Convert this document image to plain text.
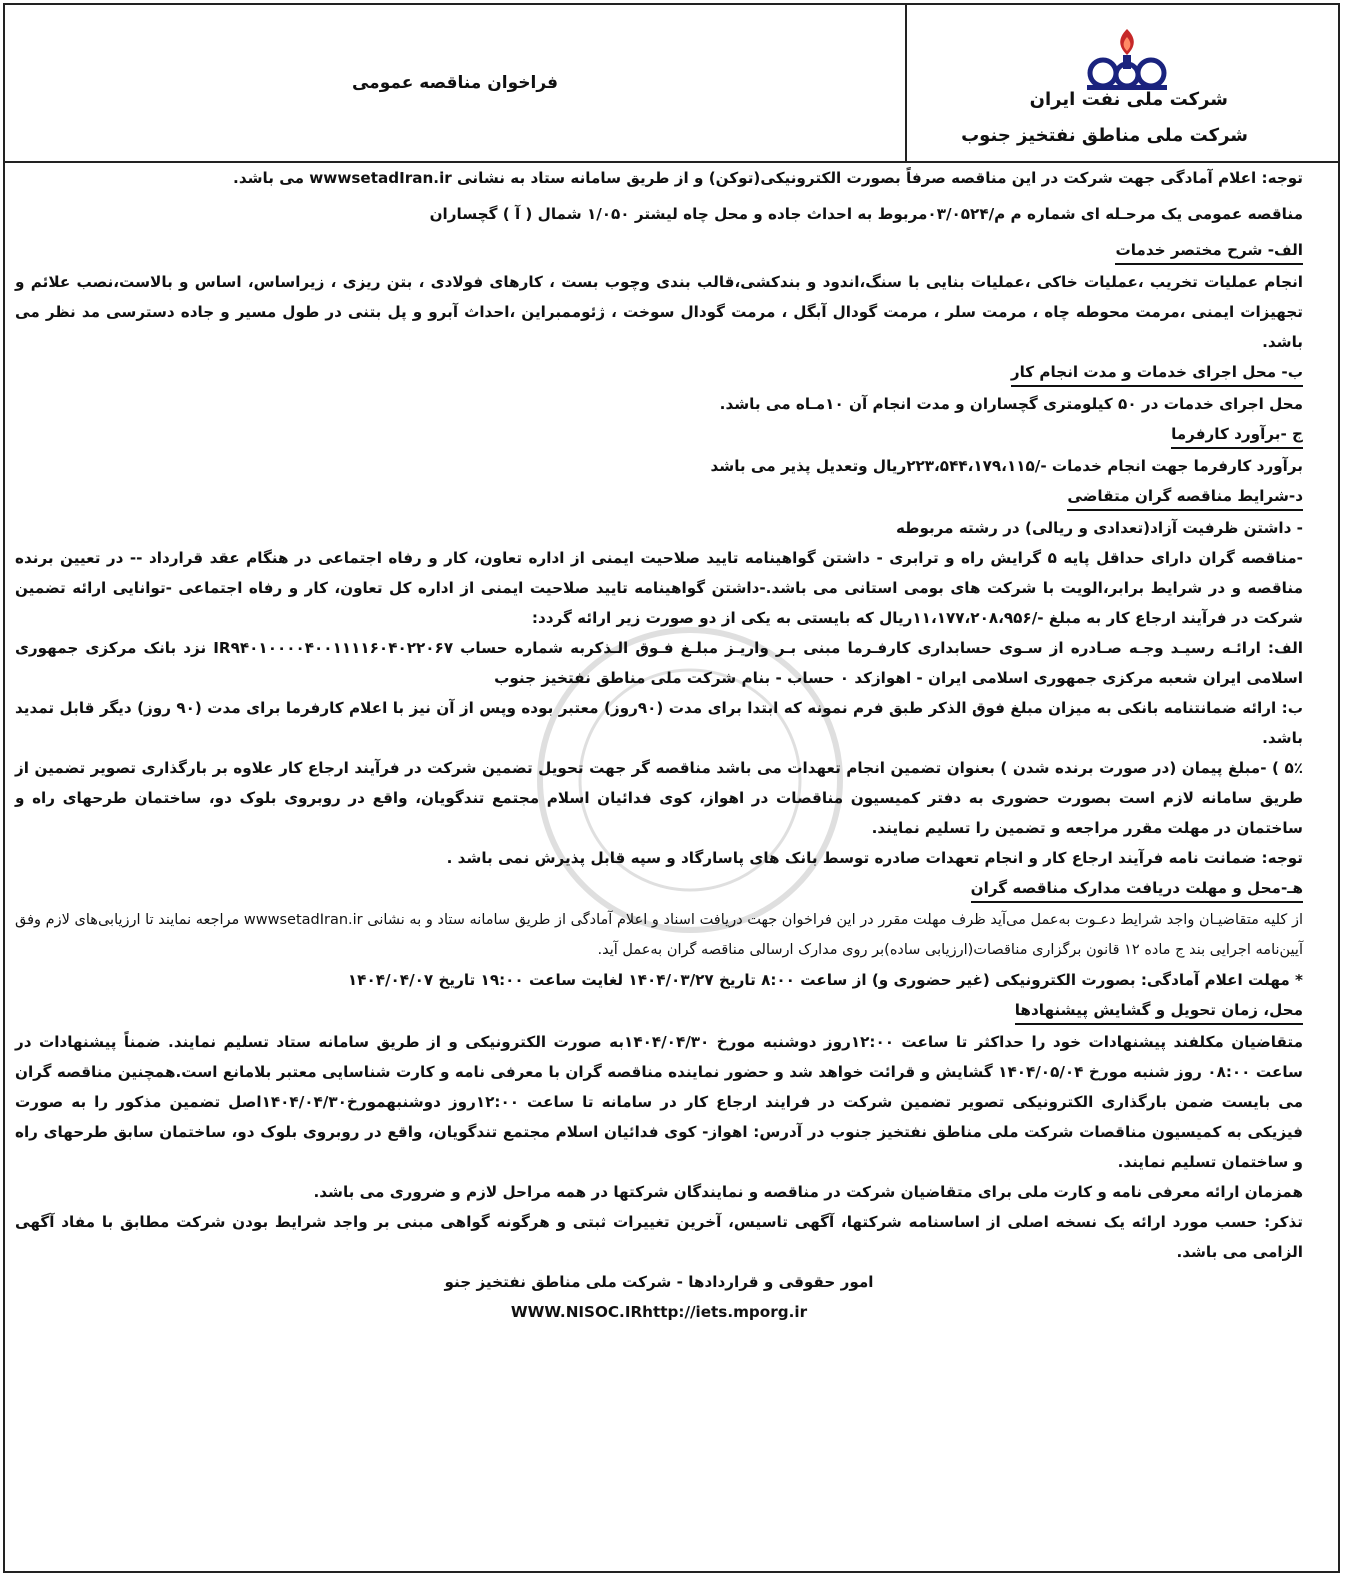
فراخوان مناقصه عمومی
شرکت ملی نفت ایران
شرکت ملی مناطق نفتخیز جنوب

توجه: اعلام آمادگی جهت شرکت در این مناقصه صرفاً بصورت الکترونیکی(توکن) و از طریق سامانه ستاد به نشانی wwwsetadIran.ir می باشد.

مناقصه عمومی یک مرحـله ای شماره م م/۰۳/۰۵۲۴مربوط به احداث جاده و محل چاه لیشتر ۱/۰۵۰ شمال ( آ ) گچساران

الف- شرح مختصر خدمات

انجام عملیات تخریب ،عملیات خاکی ،عملیات بنایی با سنگ،اندود و بندکشی،قالب بندی وچوب بست ، کارهای فولادی ، بتن ریزی ، زیراساس، اساس و بالاست،نصب علائم و تجهیزات ایمنی ،مرمت محوطه چاه ، مرمت سلر ، مرمت گودال آبگل ، مرمت گودال سوخت ، ژئوممبراین ،احداث آبرو و پل بتنی در طول مسیر و جاده دسترسی مد نظر می باشد.

ب- محل اجرای خدمات و مدت انجام کار

محل اجرای خدمات در ۵۰ کیلومتری گچساران و مدت انجام آن ۱۰مـاه می باشد.

ج -برآورد کارفرما

برآورد کارفرما جهت انجام خدمات -/۲۲۳،۵۴۴،۱۷۹،۱۱۵ریال وتعدیل پذیر می باشد

د-شرایط مناقصه گران متقاضی

- داشتن ظرفیت آزاد(تعدادی و ریالی) در رشته مربوطه

-مناقصه گران دارای حداقل پایه ۵ گرایش راه و ترابری - داشتن گواهینامه تایید صلاحیت ایمنی از اداره تعاون، کار و رفاه اجتماعی در هنگام عقد قرارداد -- در تعیین برنده مناقصه و در شرایط برابر،الویت با شرکت های بومی استانی می باشد.-داشتن گواهینامه تایید صلاحیت ایمنی از اداره کل تعاون، کار و رفاه اجتماعی -توانایی ارائه تضمین شرکت در فرآیند ارجاع کار به مبلغ -/۱۱،۱۷۷،۲۰۸،۹۵۶ریال که بایستی به یکی از دو صورت زیر ارائه گردد:

الف: ارائـه رسیـد وجـه صـادره از سـوی حسابداری کارفـرما مبنی بـر واریـز مبلـغ فـوق الـذکربه شماره حساب IR۹۴۰۱۰۰۰۰۴۰۰۱۱۱۱۶۰۴۰۲۲۰۶۷ نزد بانک مرکزی جمهوری اسلامی ایران شعبه مرکزی جمهوری اسلامی ایران - اهوازکد ۰ حساب - بنام شرکت ملی مناطق نفتخیز جنوب

ب: ارائه ضمانتنامه بانکی به میزان مبلغ فوق الذکر طبق فرم نمونه که ابتدا برای مدت (۹۰روز) معتبر بوده وپس از آن نیز با اعلام کارفرما برای مدت (۹۰ روز) دیگر قابل تمدید باشد.

۵٪ ) -مبلغ پیمان (در صورت برنده شدن ) بعنوان تضمین انجام تعهدات می باشد مناقصه گر جهت تحویل تضمین شرکت در فرآیند ارجاع کار علاوه بر بارگذاری تصویر تضمین از طریق سامانه لازم است بصورت حضوری به دفتر کمیسیون مناقصات در اهواز، کوی فدائیان اسلام مجتمع تندگویان، واقع در روبروی بلوک دو، ساختمان طرحهای راه و ساختمان در مهلت مقرر مراجعه و تضمین را تسلیم نمایند.

توجه: ضمانت نامه فرآیند ارجاع کار و انجام تعهدات صادره توسط بانک های پاسارگاد و سپه قابل پذیرش نمی باشد .

هـ-محل و مهلت دریافت مدارک مناقصه گران

از کلیه متقاضیـان واجد شرایط دعـوت به‌عمل می‌آید ظرف مهلت مقرر در این فراخوان جهت دریافت اسناد و اعلام آمادگی از طریق سامانه ستاد و به نشانی wwwsetadIran.ir مراجعه نمایند تا ارزیابی‌های لازم وفق آیین‌نامه اجرایی بند ج ماده ۱۲ قانون برگزاری مناقصات(ارزیابی ساده)بر روی مدارک ارسالی مناقصه گران به‌عمل آید.

* مهلت اعلام آمادگی: بصورت الکترونیکی (غیر حضوری و) از ساعت ۸:۰۰ تاریخ ۱۴۰۴/۰۳/۲۷ لغایت ساعت ۱۹:۰۰ تاریخ ۱۴۰۴/۰۴/۰۷

محل، زمان تحویل و گشایش پیشنهادها

متقاضیان مکلفند پیشنهادات خود را حداکثر تا ساعت ۱۲:۰۰روز دوشنبه مورخ ۱۴۰۴/۰۴/۳۰به صورت الکترونیکی و از طریق سامانه ستاد تسلیم نمایند. ضمناً پیشنهادات در ساعت ۰۸:۰۰ روز شنبه مورخ ۱۴۰۴/۰۵/۰۴ گشایش و قرائت خواهد شد و حضور نماینده مناقصه گران با معرفی نامه و کارت شناسایی معتبر بلامانع است.همچنین مناقصه گران می بایست ضمن بارگذاری الکترونیکی تصویر تضمین شرکت در فرایند ارجاع کار در سامانه تا ساعت ۱۲:۰۰روز دوشنبهمورخ۱۴۰۴/۰۴/۳۰اصل تضمین مذکور را به صورت فیزیکی به کمیسیون مناقصات شرکت ملی مناطق نفتخیز جنوب در آدرس: اهواز- کوی فدائیان اسلام مجتمع تندگویان، واقع در روبروی بلوک دو، ساختمان سابق طرحهای راه و ساختمان تسلیم نمایند.

همزمان ارائه معرفی نامه و کارت ملی برای متقاضیان شرکت در مناقصه و نمایندگان شرکتها در همه مراحل لازم و ضروری می باشد.

تذکر: حسب مورد ارائه یک نسخه اصلی از اساسنامه شرکتها، آگهی تاسیس، آخرین تغییرات ثبتی و هرگونه گواهی مبنی بر واجد شرایط بودن شرکت مطابق با مفاد آگهی الزامی می باشد.

امور حقوقی و قراردادها - شرکت ملی مناطق نفتخیز جنو

WWW.NISOC.IRhttp://iets.mporg.ir
